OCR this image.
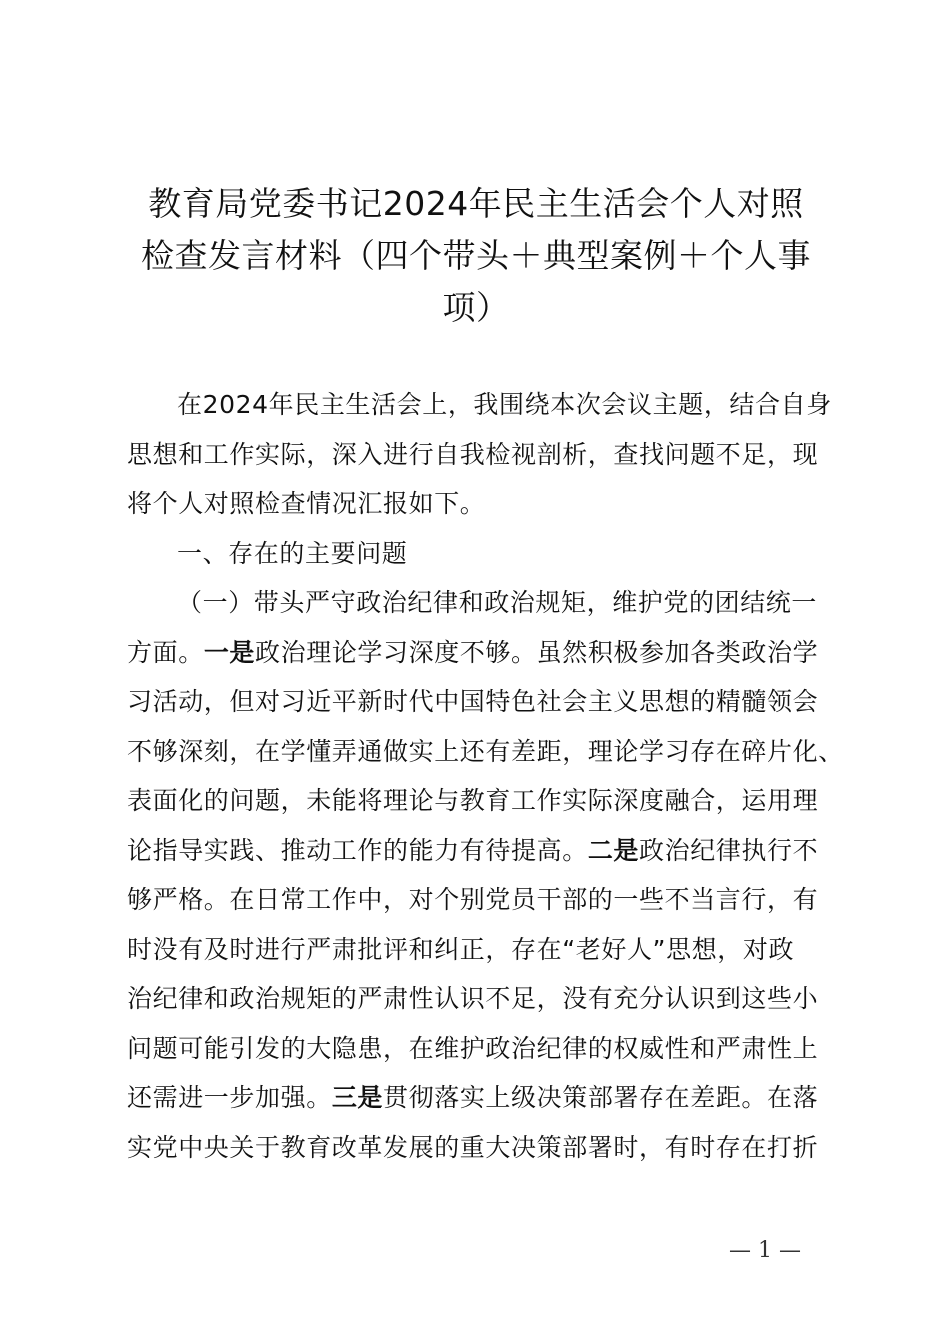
教育局党委书记2024年民主生活会个人对照
检查发言材料（四个带头＋典型案例＋个人事
项）

在2024年民主生活会上，我围绕本次会议主题，结合自身
思想和工作实际，深入进行自我检视剖析，查找问题不足，现
将个人对照检查情况汇报如下。

一、存在的主要问题

（一）带头严守政治纪律和政治规矩，维护党的团结统一
方面。一是政治理论学习深度不够。虽然积极参加各类政治学
习活动，但对习近平新时代中国特色社会主义思想的精髓领会
不够深刻，在学懂弄通做实上还有差距，理论学习存在碎片化、
表面化的问题，未能将理论与教育工作实际深度融合，运用理
论指导实践、推动工作的能力有待提高。二是政治纪律执行不
够严格。在日常工作中，对个别党员干部的一些不当言行，有
时没有及时进行严肃批评和纠正，存在“老好人”思想，对政
治纪律和政治规矩的严肃性认识不足，没有充分认识到这些小
问题可能引发的大隐患，在维护政治纪律的权威性和严肃性上
还需进一步加强。三是贯彻落实上级决策部署存在差距。在落
实党中央关于教育改革发展的重大决策部署时，有时存在打折

— 1 —
